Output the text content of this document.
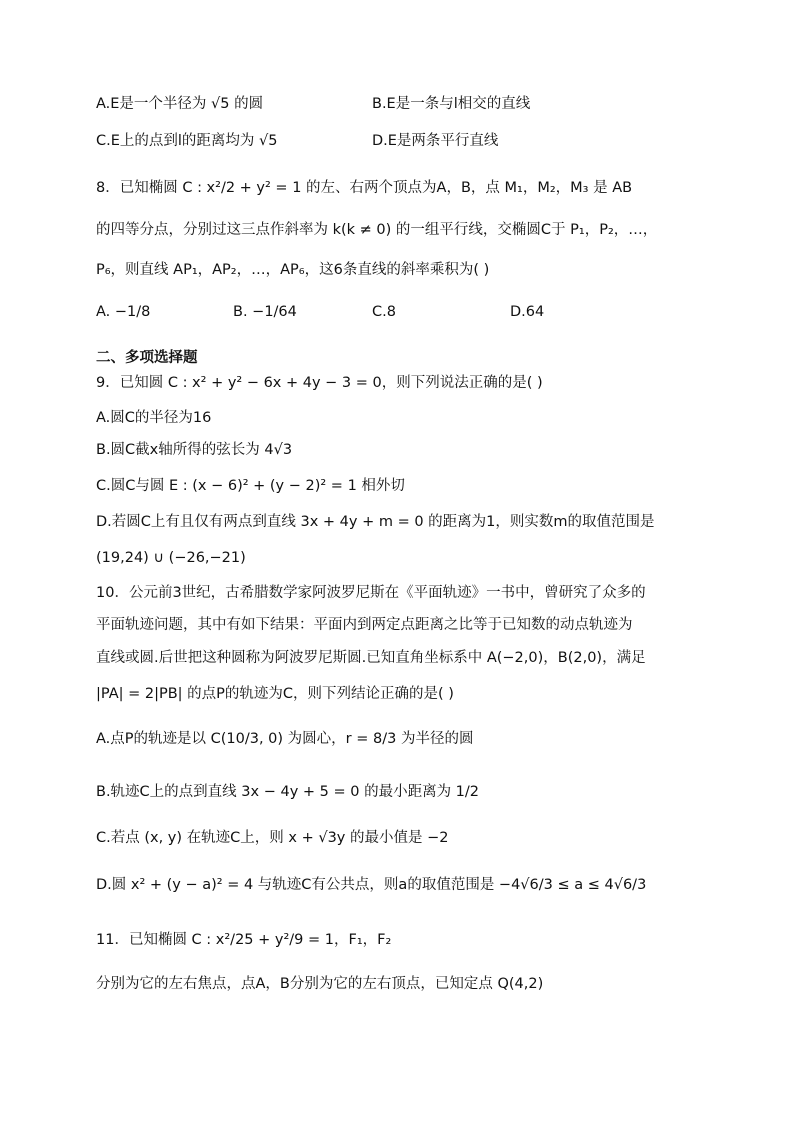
A.E是一个半径为 √5 的圆	B.E是一条与l相交的直线
C.E上的点到l的距离均为 √5	D.E是两条平行直线
8．已知椭圆 C : x²/2 + y² = 1 的左、右两个顶点为A，B，点 M₁，M₂，M₃ 是 AB
的四等分点，分别过这三点作斜率为 k(k ≠ 0) 的一组平行线，交椭圆C于 P₁，P₂，…，
P₆，则直线 AP₁，AP₂，…，AP₆，这6条直线的斜率乘积为( )
A. −1/8	B. −1/64	C.8	D.64
二、多项选择题
9．已知圆 C : x² + y² − 6x + 4y − 3 = 0，则下列说法正确的是( )
A.圆C的半径为16
B.圆C截x轴所得的弦长为 4√3
C.圆C与圆 E : (x − 6)² + (y − 2)² = 1 相外切
D.若圆C上有且仅有两点到直线 3x + 4y + m = 0 的距离为1，则实数m的取值范围是
(19,24) ∪ (−26,−21)
10．公元前3世纪，古希腊数学家阿波罗尼斯在《平面轨迹》一书中，曾研究了众多的
平面轨迹问题，其中有如下结果：平面内到两定点距离之比等于已知数的动点轨迹为
直线或圆.后世把这种圆称为阿波罗尼斯圆.已知直角坐标系中 A(−2,0)，B(2,0)，满足
|PA| = 2|PB| 的点P的轨迹为C，则下列结论正确的是( )
A.点P的轨迹是以 C(10/3, 0) 为圆心，r = 8/3 为半径的圆
B.轨迹C上的点到直线 3x − 4y + 5 = 0 的最小距离为 1/2
C.若点 (x, y) 在轨迹C上，则 x + √3y 的最小值是 −2
D.圆 x² + (y − a)² = 4 与轨迹C有公共点，则a的取值范围是 −4√6/3 ≤ a ≤ 4√6/3
11．已知椭圆 C : x²/25 + y²/9 = 1，F₁，F₂
分别为它的左右焦点，点A，B分别为它的左右顶点，已知定点 Q(4,2)
